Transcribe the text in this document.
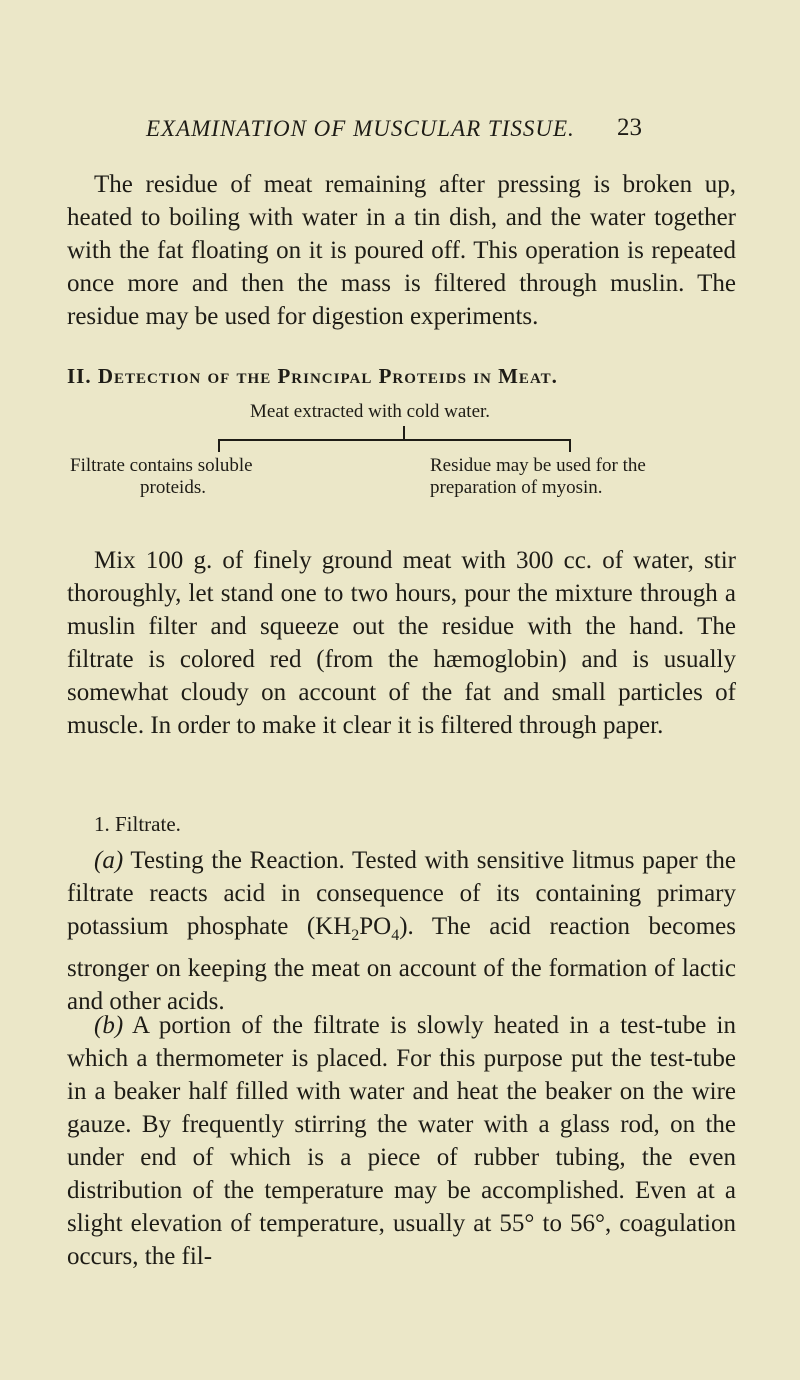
EXAMINATION OF MUSCULAR TISSUE. 23

The residue of meat remaining after pressing is broken up, heated to boiling with water in a tin dish, and the water together with the fat floating on it is poured off. This operation is repeated once more and then the mass is filtered through muslin. The residue may be used for digestion experiments.

II. Detection of the Principal Proteids in Meat.
Meat extracted with cold water.
Filtrate contains soluble
proteids.
Residue may be used for the
preparation of myosin.

Mix 100 g. of finely ground meat with 300 cc. of water, stir thoroughly, let stand one to two hours, pour the mixture through a muslin filter and squeeze out the residue with the hand. The filtrate is colored red (from the hæmoglobin) and is usually somewhat cloudy on account of the fat and small particles of muscle. In order to make it clear it is filtered through paper.

1. Filtrate.

(a) Testing the Reaction. Tested with sensitive litmus paper the filtrate reacts acid in consequence of its containing primary potassium phosphate $(KH_2PO_4)$. The acid reaction becomes stronger on keeping the meat on account of the formation of lactic and other acids.

(b) A portion of the filtrate is slowly heated in a test-tube in which a thermometer is placed. For this purpose put the test-tube in a beaker half filled with water and heat the beaker on the wire gauze. By frequently stirring the water with a glass rod, on the under end of which is a piece of rubber tubing, the even distribution of the temperature may be accomplished. Even at a slight elevation of temperature, usually at 55° to 56°, coagulation occurs, the fil-
